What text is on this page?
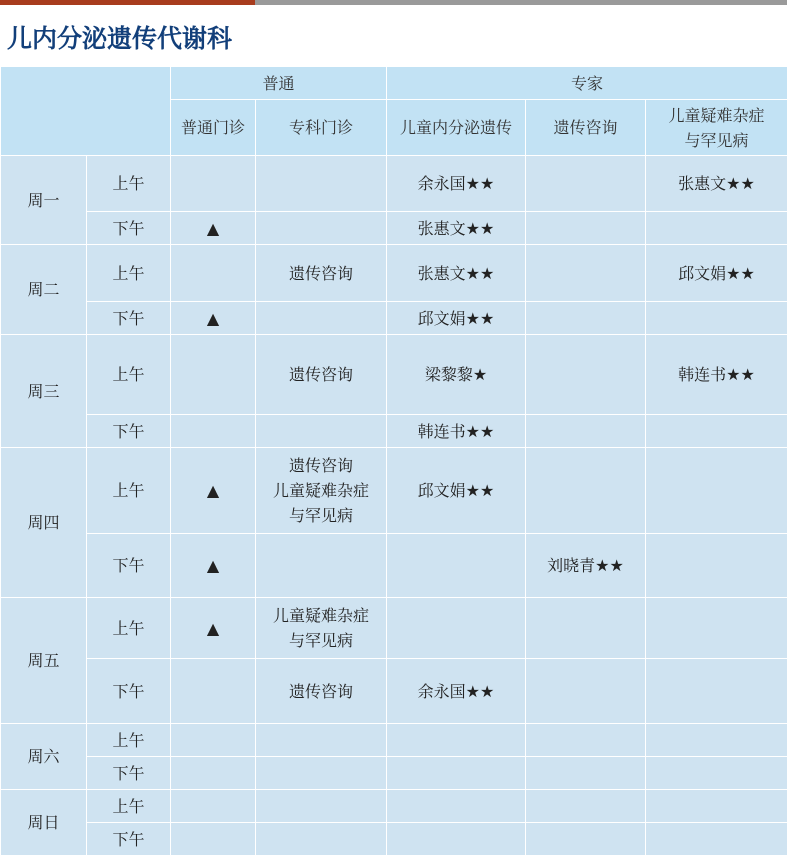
儿内分泌遗传代谢科
		普通		专家		
		普通门诊	专科门诊	儿童内分泌遗传	遗传咨询	儿童疑难杂症
与罕见病
周一	上午			余永国★★		张惠文★★
	下午	▲		张惠文★★		
周二	上午		遗传咨询	张惠文★★		邱文娟★★
	下午	▲		邱文娟★★		
周三	上午		遗传咨询	梁黎黎★		韩连书★★
	下午			韩连书★★		
周四	上午	▲	遗传咨询
儿童疑难杂症
与罕见病	邱文娟★★		
	下午	▲			刘晓青★★	
周五	上午	▲	儿童疑难杂症
与罕见病			
	下午		遗传咨询	余永国★★		
周六	上午					
	下午					
周日	上午					
	下午					
